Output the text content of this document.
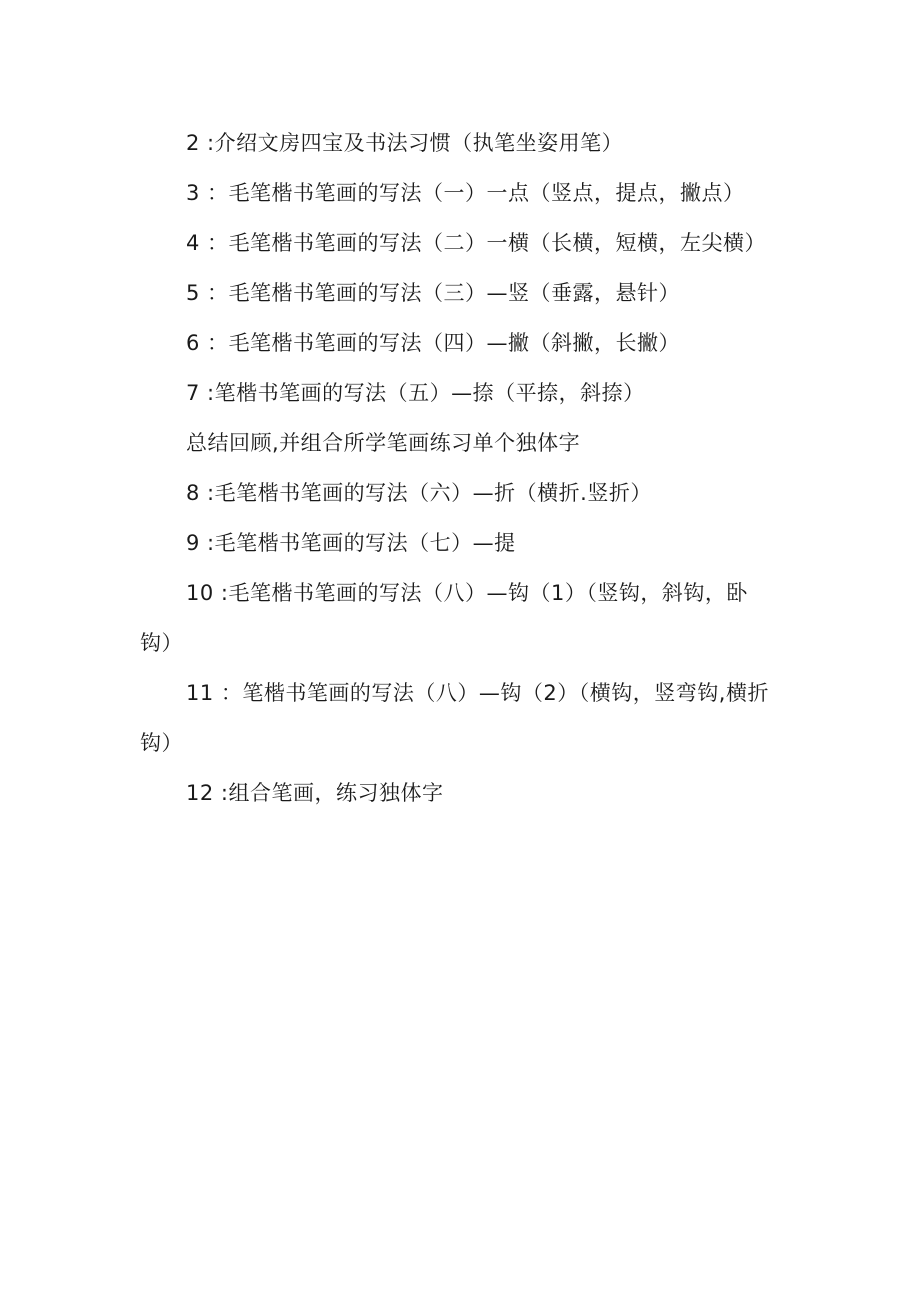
2 :介绍文房四宝及书法习惯（执笔坐姿用笔）

3 ：毛笔楷书笔画的写法（一）一点（竖点，提点，撇点）

4 ：毛笔楷书笔画的写法（二）一横（长横，短横，左尖横）

5 ：毛笔楷书笔画的写法（三）—竖（垂露，悬针）

6 ：毛笔楷书笔画的写法（四）—撇（斜撇，长撇）

7 :笔楷书笔画的写法（五）—捺（平捺，斜捺）

总结回顾,并组合所学笔画练习单个独体字

8 :毛笔楷书笔画的写法（六）—折（横折.竖折）

9 :毛笔楷书笔画的写法（七）—提

10 :毛笔楷书笔画的写法（八）—钩（1）（竖钩，斜钩，卧钩）

11 ：笔楷书笔画的写法（八）—钩（2）（横钩，竖弯钩,横折钩）

12 :组合笔画，练习独体字
